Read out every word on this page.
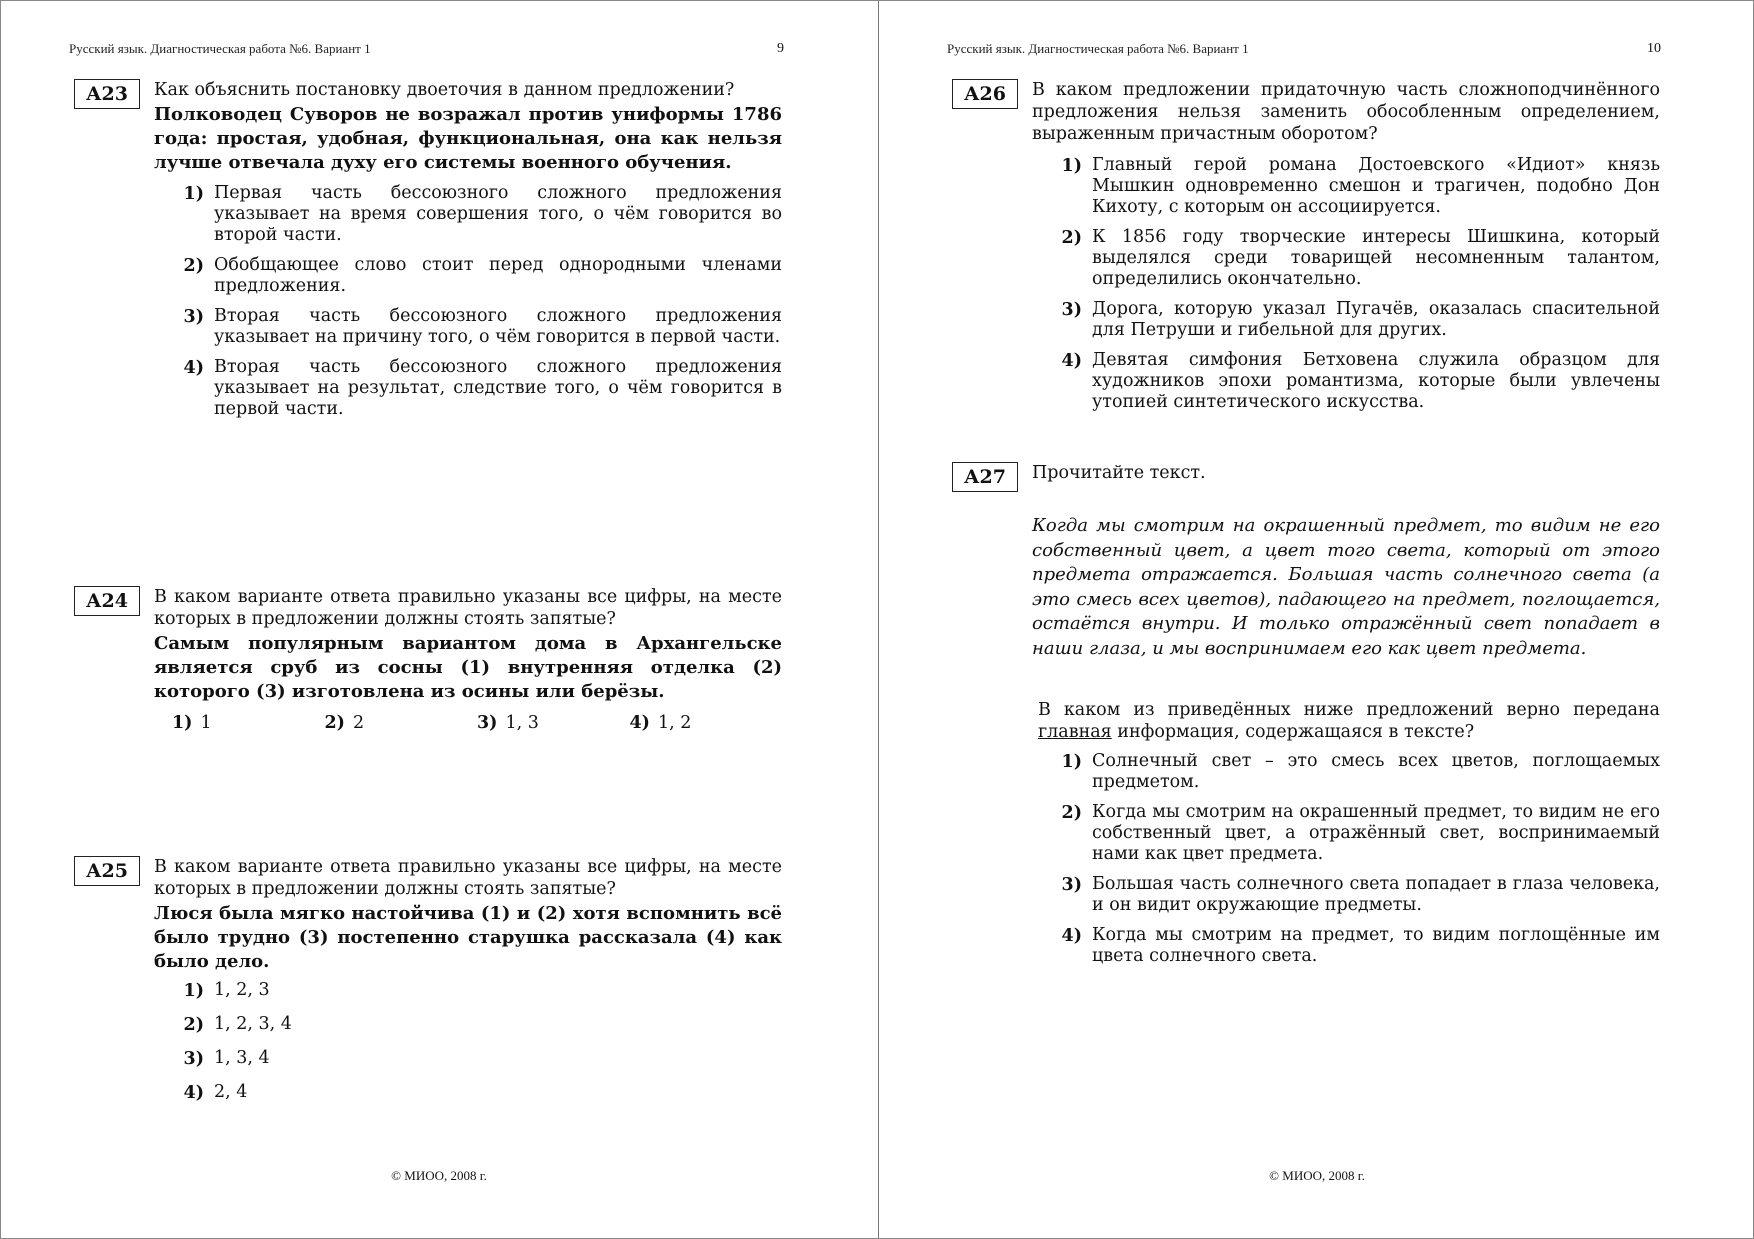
Русский язык. Диагностическая работа №6. Вариант 1	9
А23	Как объяснить постановку двоеточия в данном предложении?
Полководец Суворов не возражал против униформы 1786 года: простая, удобная, функциональная, она как нельзя лучше отвечала духу его системы военного обучения.
1) Первая часть бессоюзного сложного предложения указывает на время совершения того, о чём говорится во второй части.
2) Обобщающее слово стоит перед однородными членами предложения.
3) Вторая часть бессоюзного сложного предложения указывает на причину того, о чём говорится в первой части.
4) Вторая часть бессоюзного сложного предложения указывает на результат, следствие того, о чём говорится в первой части.
А24	В каком варианте ответа правильно указаны все цифры, на месте которых в предложении должны стоять запятые?
Самым популярным вариантом дома в Архангельске является сруб из сосны (1) внутренняя отделка (2) которого (3) изготовлена из осины или берёзы.
1) 1	2) 2	3) 1, 3	4) 1, 2
А25	В каком варианте ответа правильно указаны все цифры, на месте которых в предложении должны стоять запятые?
Люся была мягко настойчива (1) и (2) хотя вспомнить всё было трудно (3) постепенно старушка рассказала (4) как было дело.
1) 1, 2, 3
2) 1, 2, 3, 4
3) 1, 3, 4
4) 2, 4
© МИОО, 2008 г.
Русский язык. Диагностическая работа №6. Вариант 1	10
А26	В каком предложении придаточную часть сложноподчинённого предложения нельзя заменить обособленным определением, выраженным причастным оборотом?
1) Главный герой романа Достоевского «Идиот» князь Мышкин одновременно смешон и трагичен, подобно Дон Кихоту, с которым он ассоциируется.
2) К 1856 году творческие интересы Шишкина, который выделялся среди товарищей несомненным талантом, определились окончательно.
3) Дорога, которую указал Пугачёв, оказалась спасительной для Петруши и гибельной для других.
4) Девятая симфония Бетховена служила образцом для художников эпохи романтизма, которые были увлечены утопией синтетического искусства.
А27	Прочитайте текст.
Когда мы смотрим на окрашенный предмет, то видим не его собственный цвет, а цвет того света, который от этого предмета отражается. Большая часть солнечного света (а это смесь всех цветов), падающего на предмет, поглощается, остаётся внутри. И только отражённый свет попадает в наши глаза, и мы воспринимаем его как цвет предмета.
В каком из приведённых ниже предложений верно передана главная информация, содержащаяся в тексте?
1) Солнечный свет – это смесь всех цветов, поглощаемых предметом.
2) Когда мы смотрим на окрашенный предмет, то видим не его собственный цвет, а отражённый свет, воспринимаемый нами как цвет предмета.
3) Большая часть солнечного света попадает в глаза человека, и он видит окружающие предметы.
4) Когда мы смотрим на предмет, то видим поглощённые им цвета солнечного света.
© МИОО, 2008 г.
